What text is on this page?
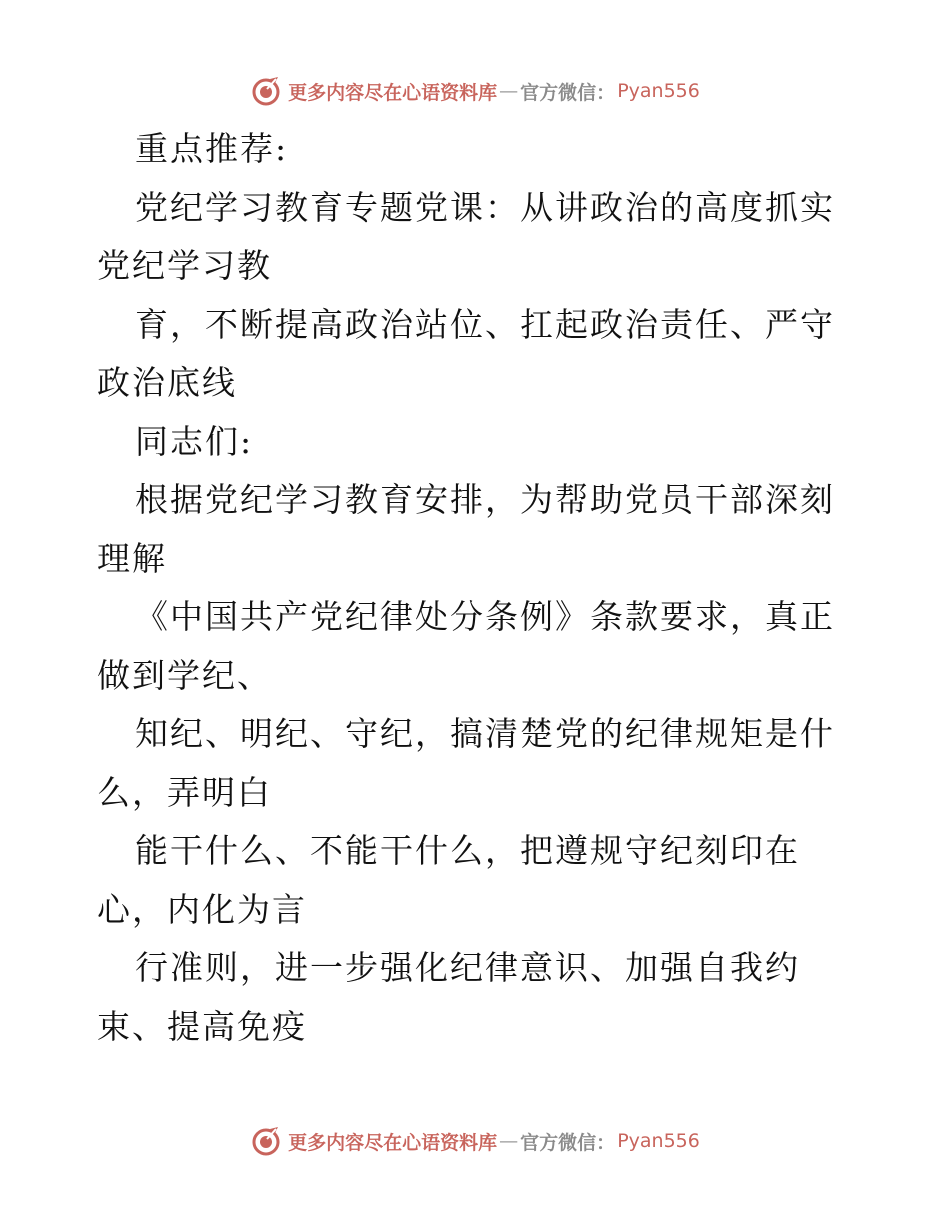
更多内容尽在心语资料库 — 官方微信： Pyan556

重点推荐:

党纪学习教育专题党课：从讲政治的高度抓实党纪学习教

育，不断提高政治站位、扛起政治责任、严守政治底线

同志们:

根据党纪学习教育安排，为帮助党员干部深刻理解

《中国共产党纪律处分条例》条款要求，真正做到学纪、

知纪、明纪、守纪，搞清楚党的纪律规矩是什么，弄明白

能干什么、不能干什么，把遵规守纪刻印在心，内化为言

行准则，进一步强化纪律意识、加强自我约束、提高免疫

更多内容尽在心语资料库 — 官方微信： Pyan556
